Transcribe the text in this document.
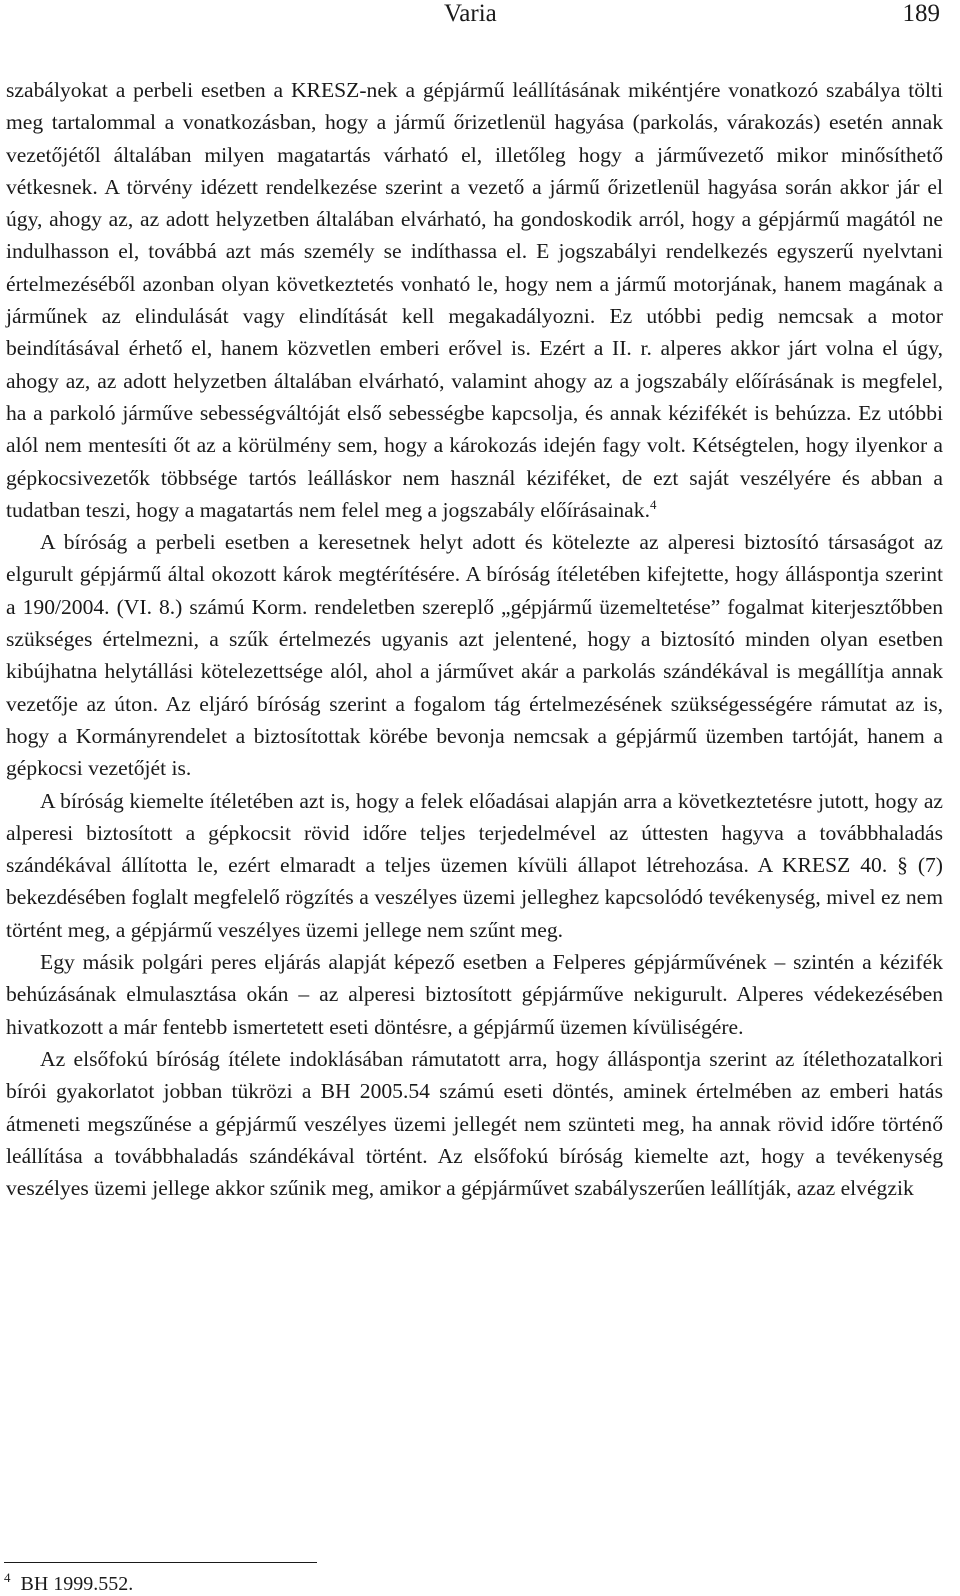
Varia	189

szabályokat a perbeli esetben a KRESZ-nek a gépjármű leállításának mikéntjére vonatkozó szabálya tölti meg tartalommal a vonatkozásban, hogy a jármű őrizetlenül hagyása (parkolás, várakozás) esetén annak vezetőjétől általában milyen magatartás várható el, illetőleg hogy a járművezető mikor minősíthető vétkesnek. A törvény idézett rendelkezése szerint a vezető a jármű őrizetlenül hagyása során akkor jár el úgy, ahogy az, az adott helyzetben általában elvárható, ha gondoskodik arról, hogy a gépjármű magától ne indulhasson el, továbbá azt más személy se indíthassa el. E jogszabályi rendelkezés egyszerű nyelvtani értelmezéséből azonban olyan következtetés vonható le, hogy nem a jármű motorjának, hanem magának a járműnek az elindulását vagy elindítását kell megakadályozni. Ez utóbbi pedig nemcsak a motor beindításával érhető el, hanem közvetlen emberi erővel is. Ezért a II. r. alperes akkor járt volna el úgy, ahogy az, az adott helyzetben általában elvárható, valamint ahogy az a jogszabály előírásának is megfelel, ha a parkoló járműve sebességváltóját első sebességbe kapcsolja, és annak kézifékét is behúzza. Ez utóbbi alól nem mentesíti őt az a körülmény sem, hogy a károkozás idején fagy volt. Kétségtelen, hogy ilyenkor a gépkocsivezetők többsége tartós leálláskor nem használ kéziféket, de ezt saját veszélyére és abban a tudatban teszi, hogy a magatartás nem felel meg a jogszabály előírásainak.$^4$

A bíróság a perbeli esetben a keresetnek helyt adott és kötelezte az alperesi biztosító társaságot az elgurult gépjármű által okozott károk megtérítésére. A bíróság ítéletében kifejtette, hogy álláspontja szerint a 190/2004. (VI. 8.) számú Korm. rendeletben szereplő „gépjármű üzemeltetése” fogalmat kiterjesztőbben szükséges értelmezni, a szűk értelmezés ugyanis azt jelentené, hogy a biztosító minden olyan esetben kibújhatna helytállási kötelezettsége alól, ahol a járművet akár a parkolás szándékával is megállítja annak vezetője az úton. Az eljáró bíróság szerint a fogalom tág értelmezésének szükségességére rámutat az is, hogy a Kormányrendelet a biztosítottak körébe bevonja nemcsak a gépjármű üzemben tartóját, hanem a gépkocsi vezetőjét is.

A bíróság kiemelte ítéletében azt is, hogy a felek előadásai alapján arra a következtetésre jutott, hogy az alperesi biztosított a gépkocsit rövid időre teljes terjedelmével az úttesten hagyva a továbbhaladás szándékával állította le, ezért elmaradt a teljes üzemen kívüli állapot létrehozása. A KRESZ 40. § (7) bekezdésében foglalt megfelelő rögzítés a veszélyes üzemi jelleghez kapcsolódó tevékenység, mivel ez nem történt meg, a gépjármű veszélyes üzemi jellege nem szűnt meg.

Egy másik polgári peres eljárás alapját képező esetben a Felperes gépjárművének – szintén a kézifék behúzásának elmulasztása okán – az alperesi biztosított gépjárműve nekigurult. Alperes védekezésében hivatkozott a már fentebb ismertetett eseti döntésre, a gépjármű üzemen kívüliségére.

Az elsőfokú bíróság ítélete indoklásában rámutatott arra, hogy álláspontja szerint az ítélethozatalkori bírói gyakorlatot jobban tükrözi a BH 2005.54 számú eseti döntés, aminek értelmében az emberi hatás átmeneti megszűnése a gépjármű veszélyes üzemi jellegét nem szünteti meg, ha annak rövid időre történő leállítása a továbbhaladás szándékával történt. Az elsőfokú bíróság kiemelte azt, hogy a tevékenység veszélyes üzemi jellege akkor szűnik meg, amikor a gépjárművet szabályszerűen leállítják, azaz elvégzik

$^4$ BH 1999.552.
